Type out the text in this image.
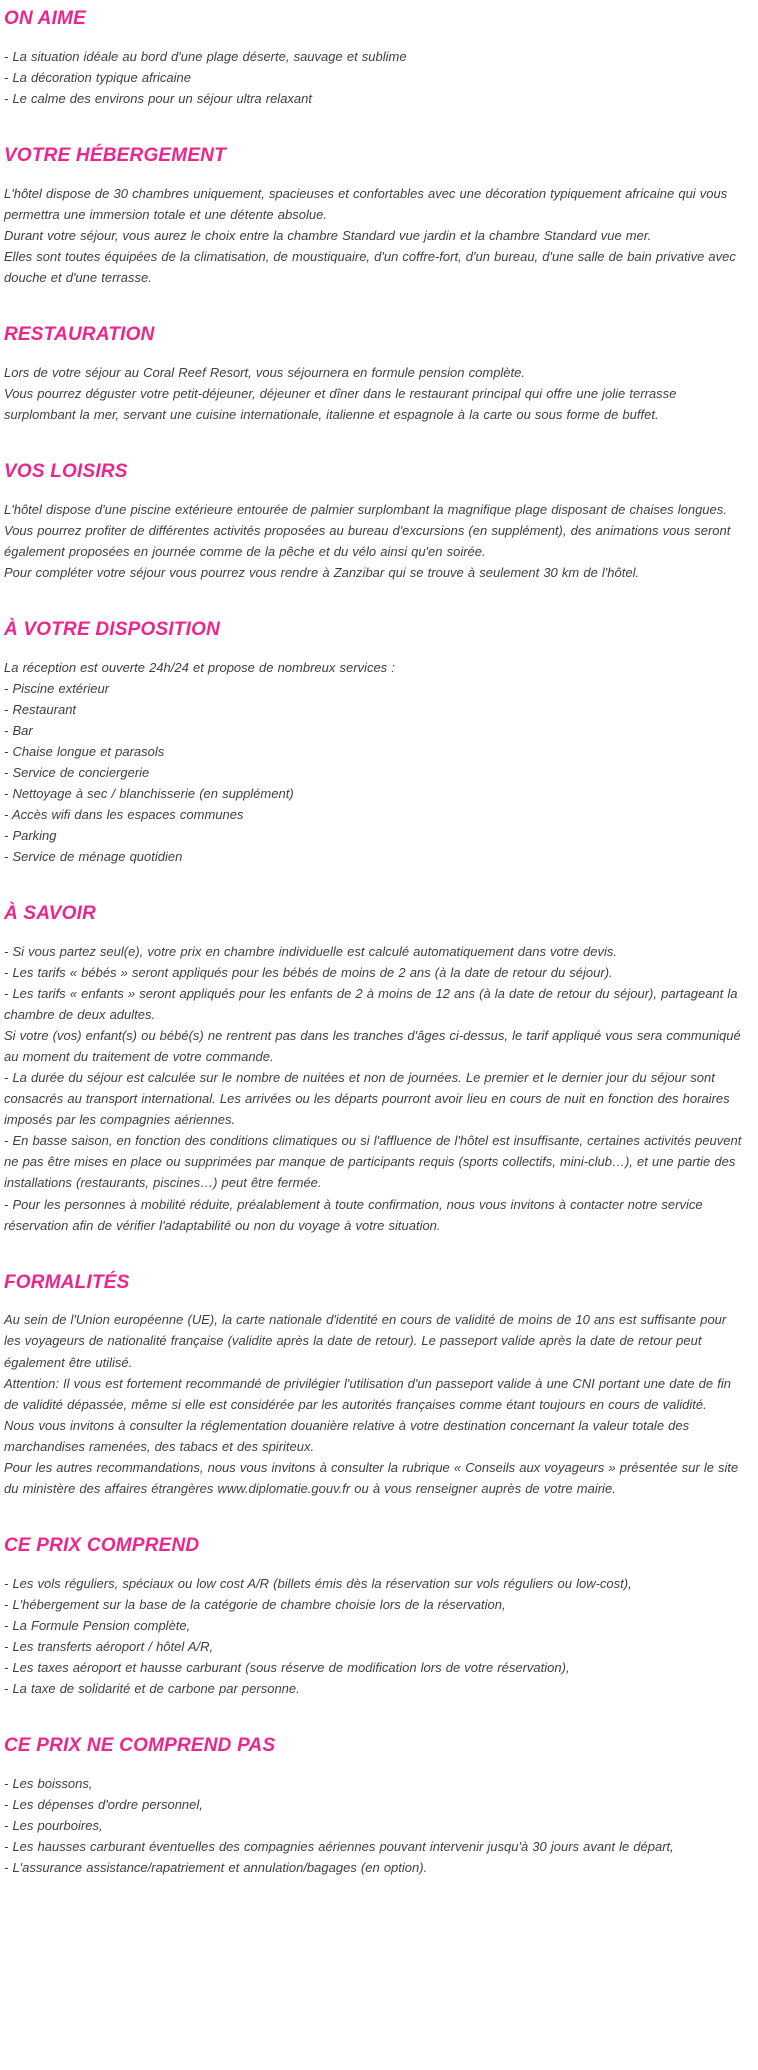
ON AIME

- La situation idéale au bord d'une plage déserte, sauvage et sublime

- La décoration typique africaine

- Le calme des environs pour un séjour ultra relaxant

VOTRE HÉBERGEMENT

L'hôtel dispose de 30 chambres uniquement, spacieuses et confortables avec une décoration typiquement africaine qui vous permettra une immersion totale et une détente absolue.

Durant votre séjour, vous aurez le choix entre la chambre Standard vue jardin et la chambre Standard vue mer.

Elles sont toutes équipées de la climatisation, de moustiquaire, d'un coffre-fort, d'un bureau, d'une salle de bain privative avec douche et d'une terrasse.

RESTAURATION

Lors de votre séjour au Coral Reef Resort, vous séjournera en formule pension complète.

Vous pourrez déguster votre petit-déjeuner, déjeuner et dîner dans le restaurant principal qui offre une jolie terrasse surplombant la mer, servant une cuisine internationale, italienne et espagnole à la carte ou sous forme de buffet.

VOS LOISIRS

L'hôtel dispose d'une piscine extérieure entourée de palmier surplombant la magnifique plage disposant de chaises longues.

Vous pourrez profiter de différentes activités proposées au bureau d'excursions (en supplément), des animations vous seront également proposées en journée comme de la pêche et du vélo ainsi qu'en soirée.

Pour compléter votre séjour vous pourrez vous rendre à Zanzibar qui se trouve à seulement 30 km de l'hôtel.

À VOTRE DISPOSITION

La réception est ouverte 24h/24 et propose de nombreux services :

- Piscine extérieur

- Restaurant

- Bar

- Chaise longue et parasols

- Service de conciergerie

- Nettoyage à sec / blanchisserie (en supplément)

- Accès wifi dans les espaces communes

- Parking

- Service de ménage quotidien

À SAVOIR

- Si vous partez seul(e), votre prix en chambre individuelle est calculé automatiquement dans votre devis.

- Les tarifs « bébés » seront appliqués pour les bébés de moins de 2 ans (à la date de retour du séjour).

- Les tarifs « enfants » seront appliqués pour les enfants de 2 à moins de 12 ans (à la date de retour du séjour), partageant la chambre de deux adultes.

Si votre (vos) enfant(s) ou bébé(s) ne rentrent pas dans les tranches d'âges ci-dessus, le tarif appliqué vous sera communiqué au moment du traitement de votre commande.

- La durée du séjour est calculée sur le nombre de nuitées et non de journées. Le premier et le dernier jour du séjour sont consacrés au transport international. Les arrivées ou les départs pourront avoir lieu en cours de nuit en fonction des horaires imposés par les compagnies aériennes.

- En basse saison, en fonction des conditions climatiques ou si l'affluence de l'hôtel est insuffisante, certaines activités peuvent ne pas être mises en place ou supprimées par manque de participants requis (sports collectifs, mini-club…), et une partie des installations (restaurants, piscines…) peut être fermée.

- Pour les personnes à mobilité réduite, préalablement à toute confirmation, nous vous invitons à contacter notre service réservation afin de vérifier l'adaptabilité ou non du voyage à votre situation.

FORMALITÉS

Au sein de l'Union européenne (UE), la carte nationale d'identité en cours de validité de moins de 10 ans est suffisante pour les voyageurs de nationalité française (validite après la date de retour). Le passeport valide après la date de retour peut également être utilisé.

Attention: Il vous est fortement recommandé de privilégier l'utilisation d'un passeport valide à une CNI portant une date de fin de validité dépassée, même si elle est considérée par les autorités françaises comme étant toujours en cours de validité.

Nous vous invitons à consulter la réglementation douanière relative à votre destination concernant la valeur totale des marchandises ramenées, des tabacs et des spiriteux.

Pour les autres recommandations, nous vous invitons à consulter la rubrique « Conseils aux voyageurs » présentée sur le site du ministère des affaires étrangères www.diplomatie.gouv.fr ou à vous renseigner auprès de votre mairie.

CE PRIX COMPREND

- Les vols réguliers, spéciaux ou low cost A/R (billets émis dès la réservation sur vols réguliers ou low-cost),

- L'hébergement sur la base de la catégorie de chambre choisie lors de la réservation,

- La Formule Pension complète,

- Les transferts aéroport / hôtel A/R,

- Les taxes aéroport et hausse carburant (sous réserve de modification lors de votre réservation),

- La taxe de solidarité et de carbone par personne.

CE PRIX NE COMPREND PAS

- Les boissons,

- Les dépenses d'ordre personnel,

- Les pourboires,

- Les hausses carburant éventuelles des compagnies aériennes pouvant intervenir jusqu'à 30 jours avant le départ,

- L'assurance assistance/rapatriement et annulation/bagages (en option).
